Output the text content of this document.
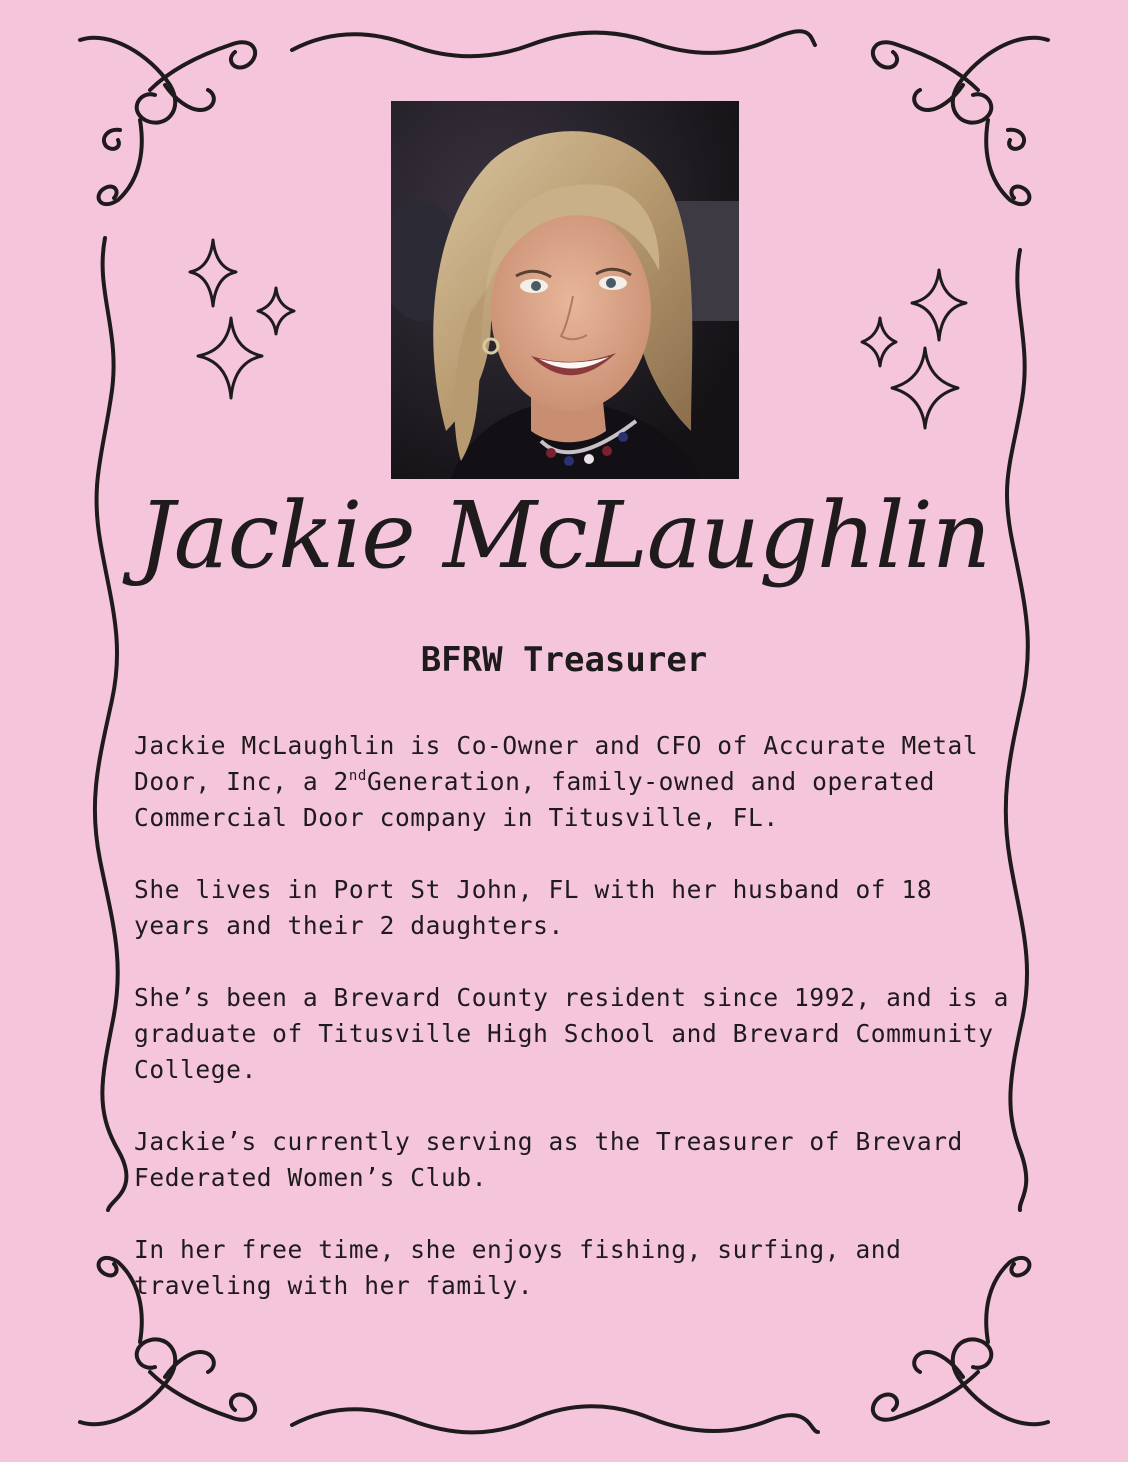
Jackie McLaughlin
BFRW Treasurer

Jackie McLaughlin is Co-Owner and CFO of Accurate Metal Door, Inc, a 2ndGeneration, family-owned and operated Commercial Door company in Titusville, FL.

She lives in Port St John, FL with her husband of 18 years and their 2 daughters.

She’s been a Brevard County resident since 1992, and is a graduate of Titusville High School and Brevard Community College.

Jackie’s currently serving as the Treasurer of Brevard Federated Women’s Club.

In her free time, she enjoys fishing, surfing, and traveling with her family.
